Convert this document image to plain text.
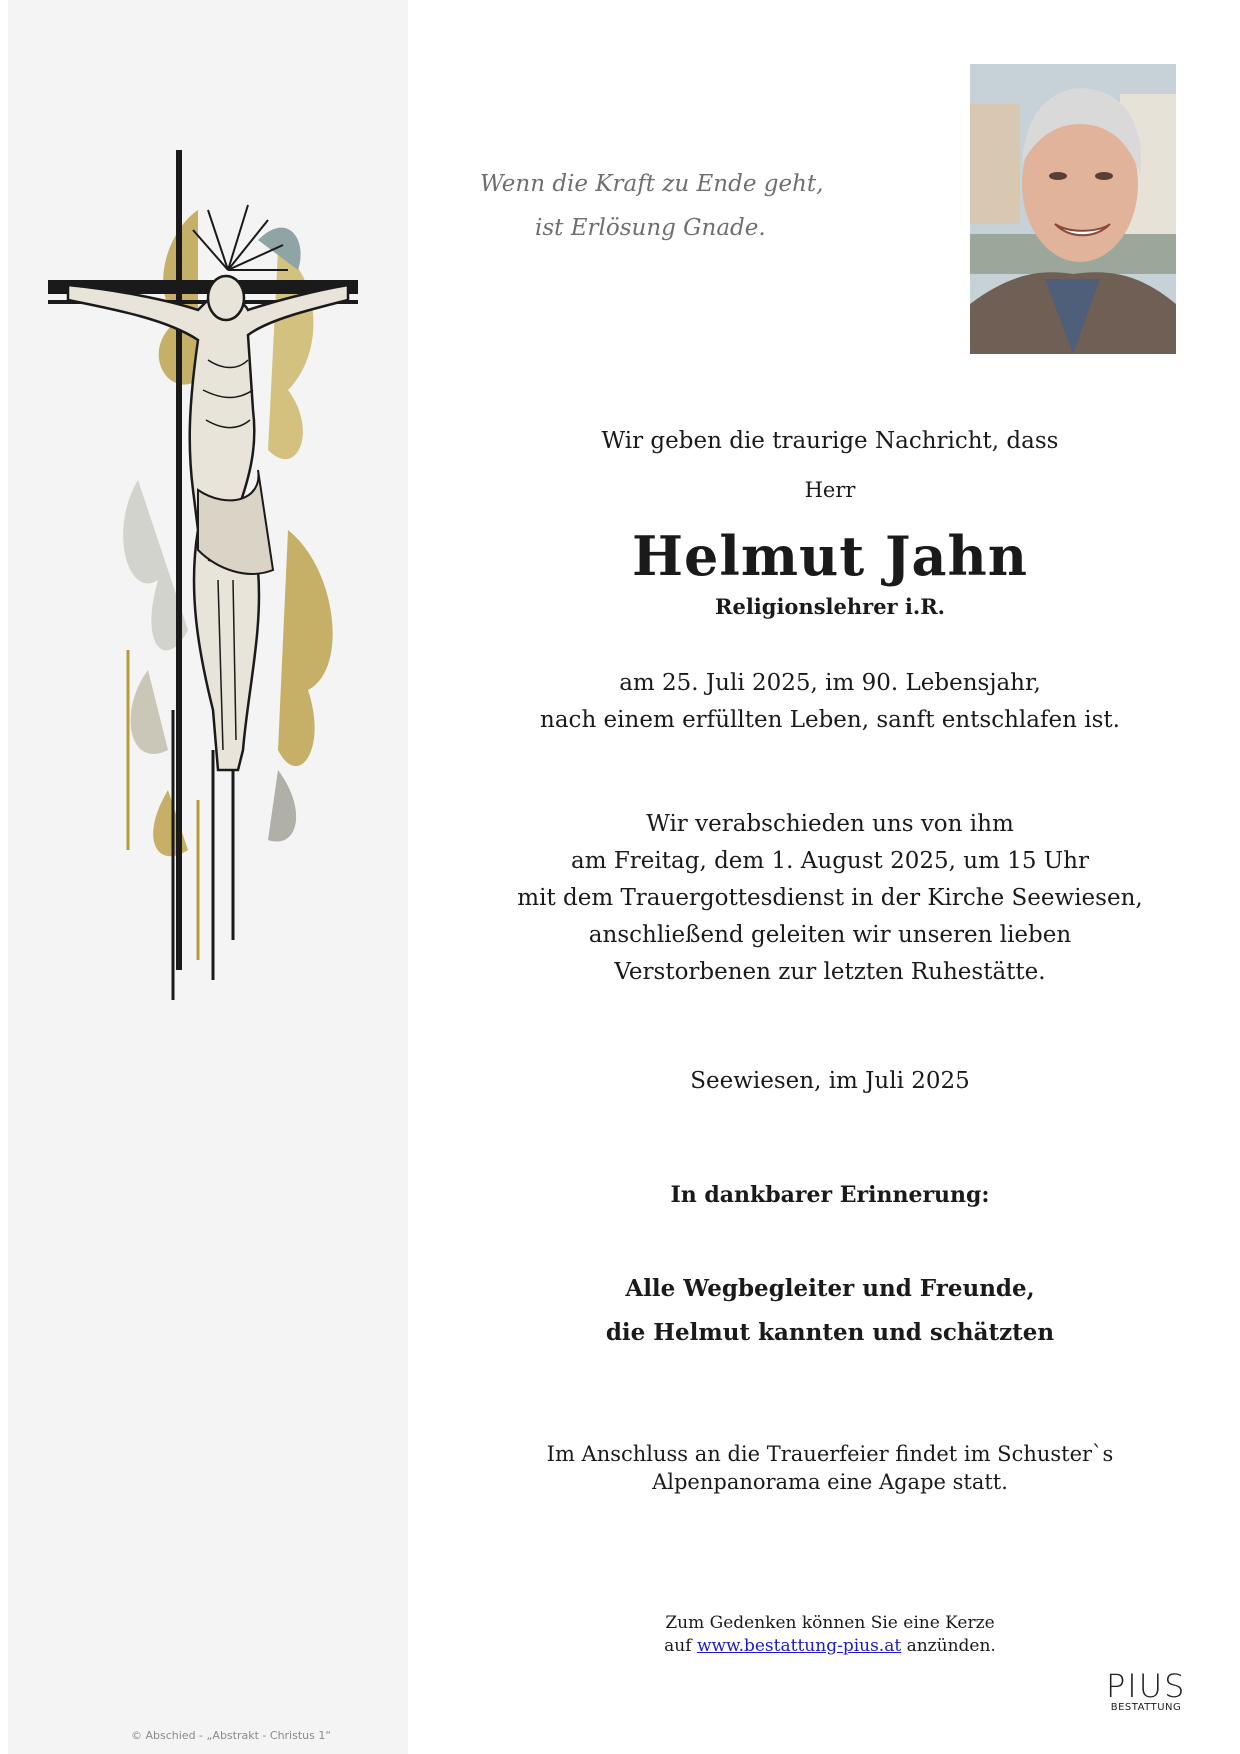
© Abschied - „Abstrakt - Christus 1“
Wenn die Kraft zu Ende geht,
ist Erlösung Gnade.
Wir geben die traurige Nachricht, dass
Herr
Helmut Jahn
Religionslehrer i.R.
am 25. Juli 2025, im 90. Lebensjahr,
nach einem erfüllten Leben, sanft entschlafen ist.
Wir verabschieden uns von ihm
am Freitag, dem 1. August 2025, um 15 Uhr
mit dem Trauergottesdienst in der Kirche Seewiesen,
anschließend geleiten wir unseren lieben
Verstorbenen zur letzten Ruhestätte.
Seewiesen, im Juli 2025
In dankbarer Erinnerung:
Alle Wegbegleiter und Freunde,
die Helmut kannten und schätzten
Im Anschluss an die Trauerfeier findet im Schuster`s
Alpenpanorama eine Agape statt.
Zum Gedenken können Sie eine Kerze
auf www.bestattung-pius.at anzünden.
PIUS
BESTATTUNG
